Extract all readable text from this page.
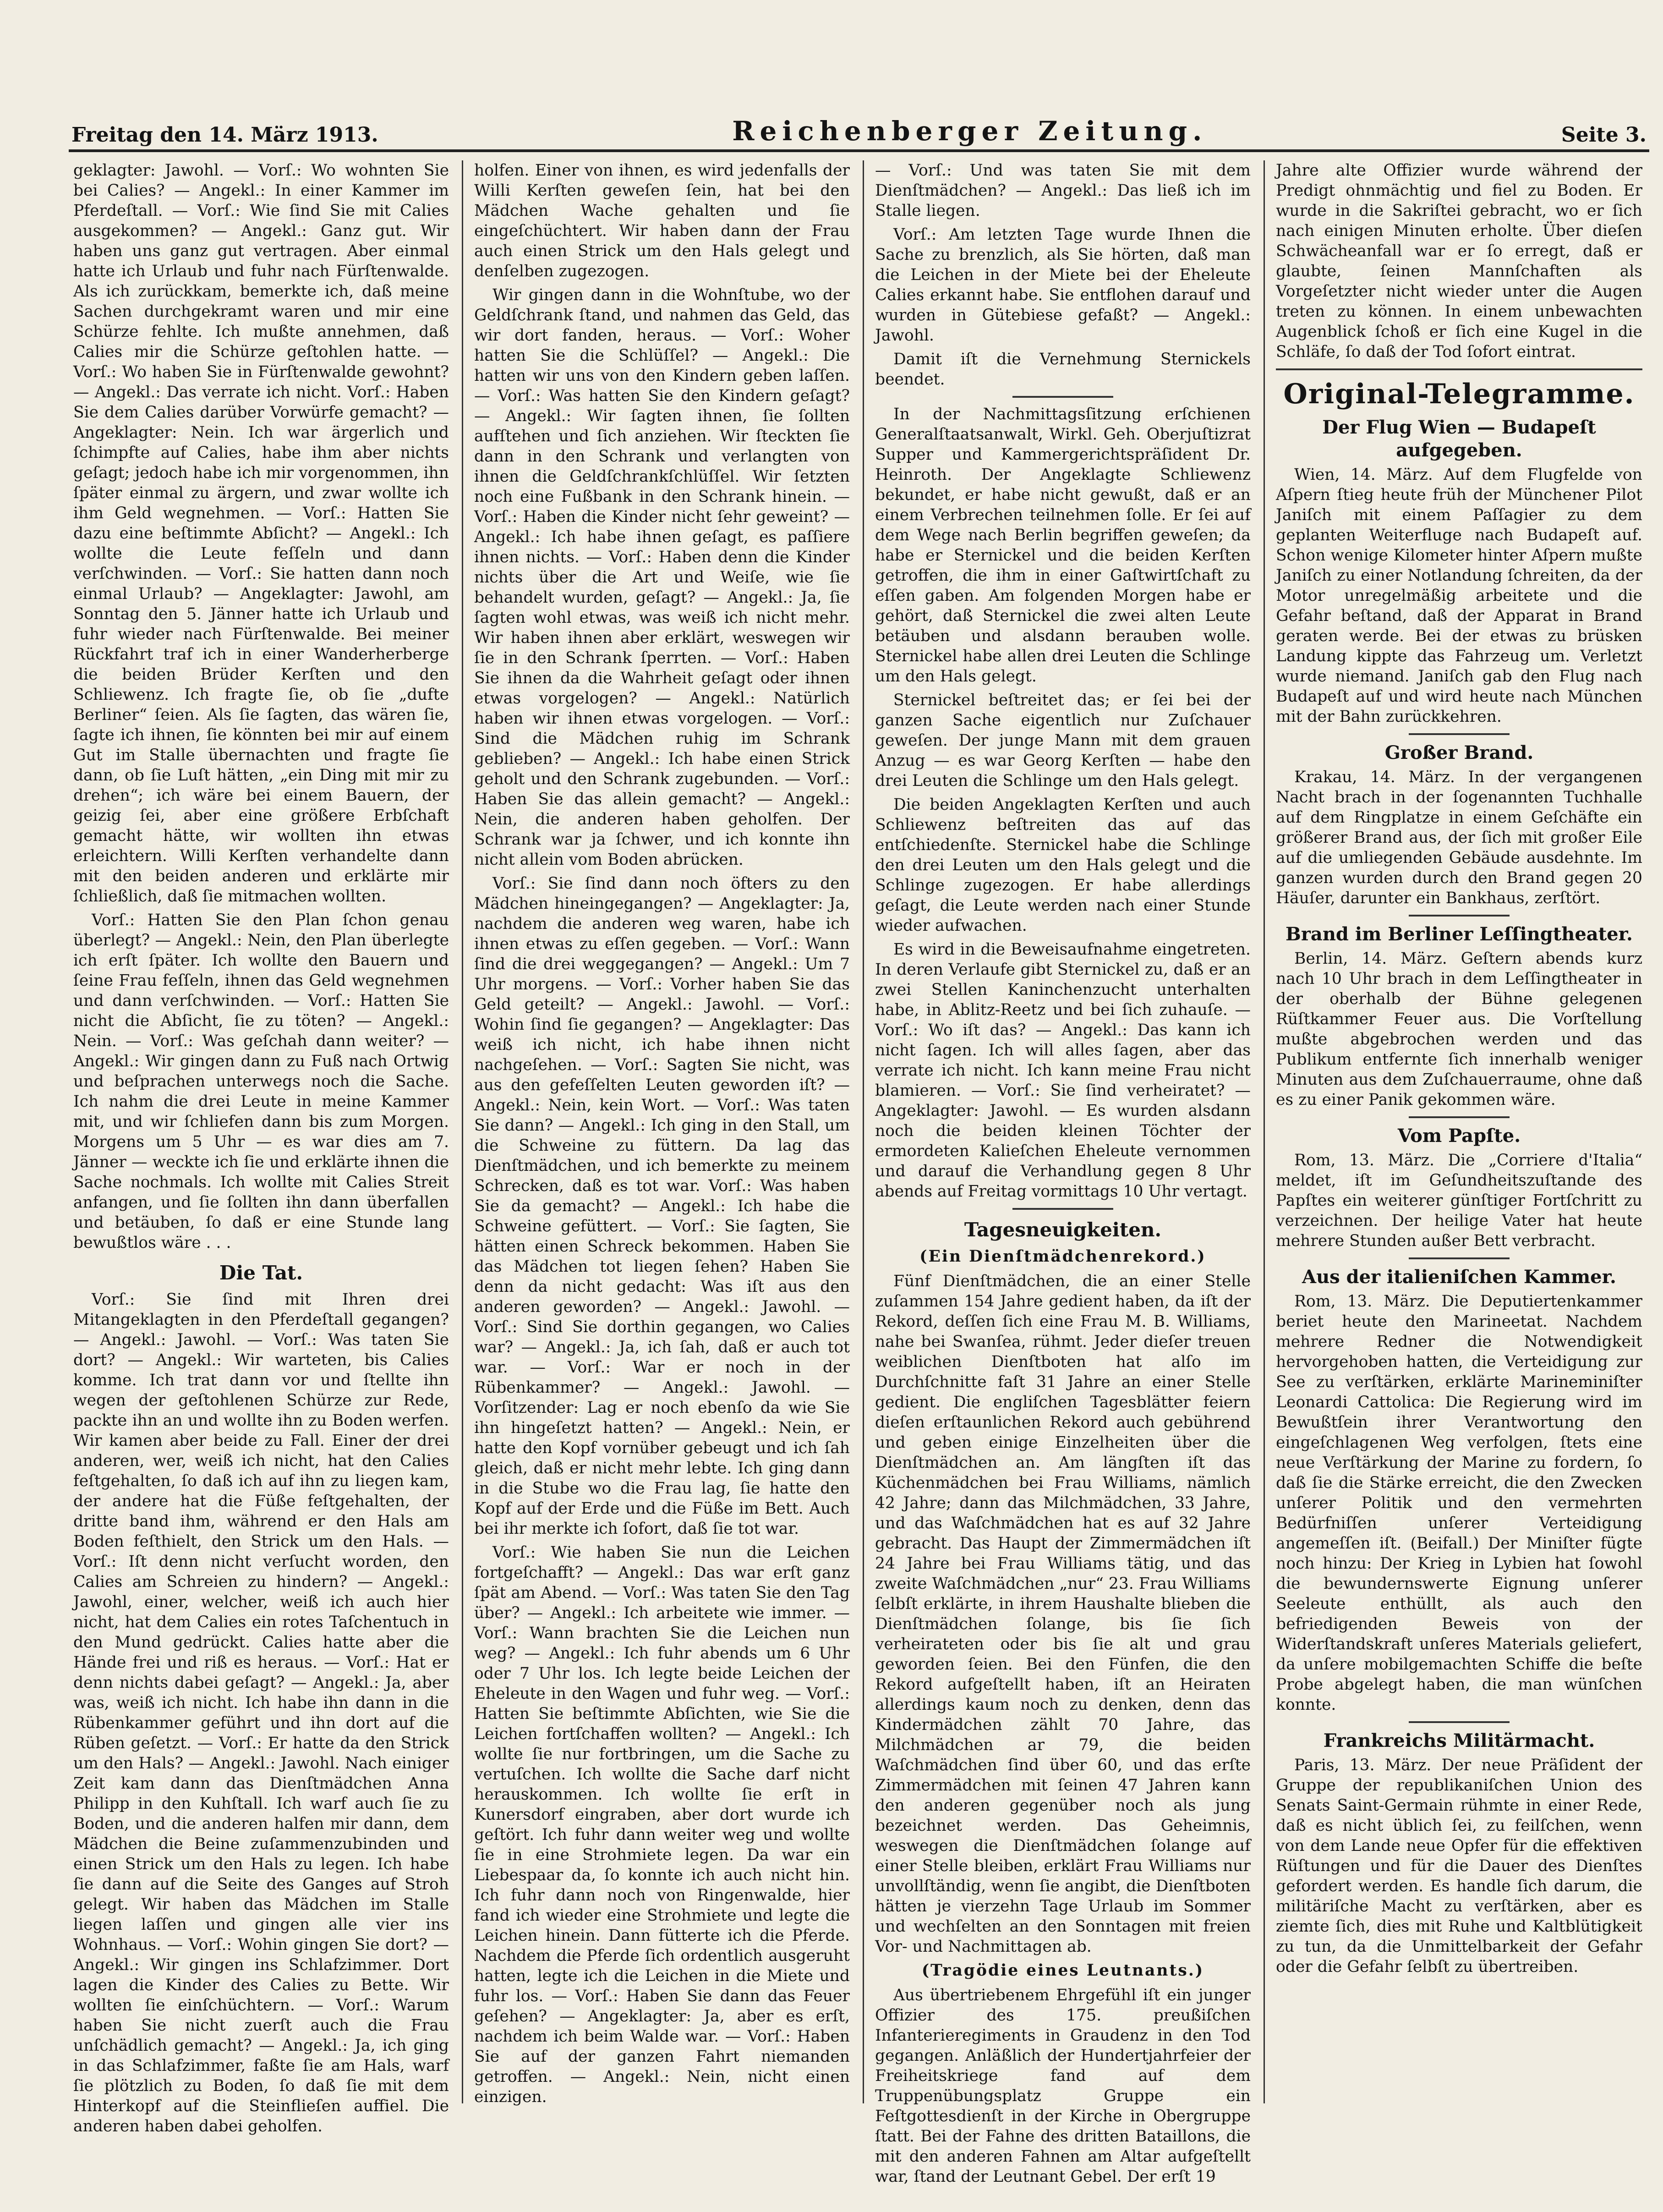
Freitag den 14. März 1913.	Reichenberger Zeitung.	Seite 3.

geklagter: Jawohl. — Vorſ.: Wo wohnten Sie bei Calies? — Angekl.: In einer Kammer im Pferdeſtall. — Vorſ.: Wie ſind Sie mit Calies ausgekommen? — Angekl.: Ganz gut. Wir haben uns ganz gut vertragen. Aber einmal hatte ich Urlaub und fuhr nach Fürſtenwalde. Als ich zurückkam, bemerkte ich, daß meine Sachen durchgekramt waren und mir eine Schürze fehlte. Ich mußte annehmen, daß Calies mir die Schürze geſtohlen hatte. — Vorſ.: Wo haben Sie in Fürſtenwalde gewohnt? — Angekl.: Das verrate ich nicht. Vorſ.: Haben Sie dem Calies darüber Vorwürfe gemacht? — Angeklagter: Nein. Ich war ärgerlich und ſchimpfte auf Calies, habe ihm aber nichts geſagt; jedoch habe ich mir vorgenommen, ihn ſpäter einmal zu ärgern, und zwar wollte ich ihm Geld wegnehmen. — Vorſ.: Hatten Sie dazu eine beſtimmte Abſicht? — Angekl.: Ich wollte die Leute feſſeln und dann verſchwinden. — Vorſ.: Sie hatten dann noch einmal Urlaub? — Angeklagter: Jawohl, am Sonntag den 5. Jänner hatte ich Urlaub und fuhr wieder nach Fürſtenwalde. Bei meiner Rückfahrt traf ich in einer Wanderherberge die beiden Brüder Kerſten und den Schliewenz. Ich fragte ſie, ob ſie „dufte Berliner“ ſeien. Als ſie ſagten, das wären ſie, ſagte ich ihnen, ſie könnten bei mir auf einem Gut im Stalle übernachten und fragte ſie dann, ob ſie Luſt hätten, „ein Ding mit mir zu drehen“; ich wäre bei einem Bauern, der geizig ſei, aber eine größere Erbſchaft gemacht hätte, wir wollten ihn etwas erleichtern. Willi Kerſten verhandelte dann mit den beiden anderen und erklärte mir ſchließlich, daß ſie mitmachen wollten.

Vorſ.: Hatten Sie den Plan ſchon genau überlegt? — Angekl.: Nein, den Plan überlegte ich erſt ſpäter. Ich wollte den Bauern und ſeine Frau feſſeln, ihnen das Geld wegnehmen und dann verſchwinden. — Vorſ.: Hatten Sie nicht die Abſicht, ſie zu töten? — Angekl.: Nein. — Vorſ.: Was geſchah dann weiter? — Angekl.: Wir gingen dann zu Fuß nach Ortwig und beſprachen unterwegs noch die Sache. Ich nahm die drei Leute in meine Kammer mit, und wir ſchliefen dann bis zum Morgen. Morgens um 5 Uhr — es war dies am 7. Jänner — weckte ich ſie und erklärte ihnen die Sache nochmals. Ich wollte mit Calies Streit anfangen, und ſie ſollten ihn dann überfallen und betäuben, ſo daß er eine Stunde lang bewußtlos wäre . . .

Die Tat.

Vorſ.: Sie ſind mit Ihren drei Mitangeklagten in den Pferdeſtall gegangen? — Angekl.: Jawohl. — Vorſ.: Was taten Sie dort? — Angekl.: Wir warteten, bis Calies komme. Ich trat dann vor und ſtellte ihn wegen der geſtohlenen Schürze zur Rede, packte ihn an und wollte ihn zu Boden werfen. Wir kamen aber beide zu Fall. Einer der drei anderen, wer, weiß ich nicht, hat den Calies feſtgehalten, ſo daß ich auf ihn zu liegen kam, der andere hat die Füße feſtgehalten, der dritte band ihm, während er den Hals am Boden feſthielt, den Strick um den Hals. — Vorſ.: Iſt denn nicht verſucht worden, den Calies am Schreien zu hindern? — Angekl.: Jawohl, einer, welcher, weiß ich auch hier nicht, hat dem Calies ein rotes Taſchentuch in den Mund gedrückt. Calies hatte aber die Hände frei und riß es heraus. — Vorſ.: Hat er denn nichts dabei geſagt? — Angekl.: Ja, aber was, weiß ich nicht. Ich habe ihn dann in die Rübenkammer geführt und ihn dort auf die Rüben geſetzt. — Vorſ.: Er hatte da den Strick um den Hals? — Angekl.: Jawohl. Nach einiger Zeit kam dann das Dienſtmädchen Anna Philipp in den Kuhſtall. Ich warf auch ſie zu Boden, und die anderen halfen mir dann, dem Mädchen die Beine zuſammenzubinden und einen Strick um den Hals zu legen. Ich habe ſie dann auf die Seite des Ganges auf Stroh gelegt. Wir haben das Mädchen im Stalle liegen laſſen und gingen alle vier ins Wohnhaus. — Vorſ.: Wohin gingen Sie dort? — Angekl.: Wir gingen ins Schlafzimmer. Dort lagen die Kinder des Calies zu Bette. Wir wollten ſie einſchüchtern. — Vorſ.: Warum haben Sie nicht zuerſt auch die Frau unſchädlich gemacht? — Angekl.: Ja, ich ging in das Schlafzimmer, faßte ſie am Hals, warf ſie plötzlich zu Boden, ſo daß ſie mit dem Hinterkopf auf die Steinflieſen auffiel. Die anderen haben dabei geholfen.

holfen. Einer von ihnen, es wird jedenfalls der Willi Kerſten geweſen ſein, hat bei den Mädchen Wache gehalten und ſie eingeſchüchtert. Wir haben dann der Frau auch einen Strick um den Hals gelegt und denſelben zugezogen.

Wir gingen dann in die Wohnſtube, wo der Geldſchrank ſtand, und nahmen das Geld, das wir dort fanden, heraus. — Vorſ.: Woher hatten Sie die Schlüſſel? — Angekl.: Die hatten wir uns von den Kindern geben laſſen. — Vorſ.: Was hatten Sie den Kindern geſagt? — Angekl.: Wir ſagten ihnen, ſie ſollten aufſtehen und ſich anziehen. Wir ſteckten ſie dann in den Schrank und verlangten von ihnen die Geldſchrankſchlüſſel. Wir ſetzten noch eine Fußbank in den Schrank hinein. — Vorſ.: Haben die Kinder nicht ſehr geweint? — Angekl.: Ich habe ihnen geſagt, es paſſiere ihnen nichts. — Vorſ.: Haben denn die Kinder nichts über die Art und Weiſe, wie ſie behandelt wurden, geſagt? — Angekl.: Ja, ſie ſagten wohl etwas, was weiß ich nicht mehr. Wir haben ihnen aber erklärt, weswegen wir ſie in den Schrank ſperrten. — Vorſ.: Haben Sie ihnen da die Wahrheit geſagt oder ihnen etwas vorgelogen? — Angekl.: Natürlich haben wir ihnen etwas vorgelogen. — Vorſ.: Sind die Mädchen ruhig im Schrank geblieben? — Angekl.: Ich habe einen Strick geholt und den Schrank zugebunden. — Vorſ.: Haben Sie das allein gemacht? — Angekl.: Nein, die anderen haben geholfen. Der Schrank war ja ſchwer, und ich konnte ihn nicht allein vom Boden abrücken.

Vorſ.: Sie ſind dann noch öfters zu den Mädchen hineingegangen? — Angeklagter: Ja, nachdem die anderen weg waren, habe ich ihnen etwas zu eſſen gegeben. — Vorſ.: Wann ſind die drei weggegangen? — Angekl.: Um 7 Uhr morgens. — Vorſ.: Vorher haben Sie das Geld geteilt? — Angekl.: Jawohl. — Vorſ.: Wohin ſind ſie gegangen? — Angeklagter: Das weiß ich nicht, ich habe ihnen nicht nachgeſehen. — Vorſ.: Sagten Sie nicht, was aus den gefeſſelten Leuten geworden iſt? — Angekl.: Nein, kein Wort. — Vorſ.: Was taten Sie dann? — Angekl.: Ich ging in den Stall, um die Schweine zu füttern. Da lag das Dienſtmädchen, und ich bemerkte zu meinem Schrecken, daß es tot war. Vorſ.: Was haben Sie da gemacht? — Angekl.: Ich habe die Schweine gefüttert. — Vorſ.: Sie ſagten, Sie hätten einen Schreck bekommen. Haben Sie das Mädchen tot liegen ſehen? Haben Sie denn da nicht gedacht: Was iſt aus den anderen geworden? — Angekl.: Jawohl. — Vorſ.: Sind Sie dorthin gegangen, wo Calies war? — Angekl.: Ja, ich ſah, daß er auch tot war. — Vorſ.: War er noch in der Rübenkammer? — Angekl.: Jawohl. — Vorſitzender: Lag er noch ebenſo da wie Sie ihn hingeſetzt hatten? — Angekl.: Nein, er hatte den Kopf vornüber gebeugt und ich ſah gleich, daß er nicht mehr lebte. Ich ging dann in die Stube wo die Frau lag, ſie hatte den Kopf auf der Erde und die Füße im Bett. Auch bei ihr merkte ich ſofort, daß ſie tot war.

Vorſ.: Wie haben Sie nun die Leichen fortgeſchafft? — Angekl.: Das war erſt ganz ſpät am Abend. — Vorſ.: Was taten Sie den Tag über? — Angekl.: Ich arbeitete wie immer. — Vorſ.: Wann brachten Sie die Leichen nun weg? — Angekl.: Ich fuhr abends um 6 Uhr oder 7 Uhr los. Ich legte beide Leichen der Eheleute in den Wagen und fuhr weg. — Vorſ.: Hatten Sie beſtimmte Abſichten, wie Sie die Leichen fortſchaffen wollten? — Angekl.: Ich wollte ſie nur fortbringen, um die Sache zu vertuſchen. Ich wollte die Sache darf nicht herauskommen. Ich wollte ſie erſt in Kunersdorf eingraben, aber dort wurde ich geſtört. Ich fuhr dann weiter weg und wollte ſie in eine Strohmiete legen. Da war ein Liebespaar da, ſo konnte ich auch nicht hin. Ich fuhr dann noch von Ringenwalde, hier fand ich wieder eine Strohmiete und legte die Leichen hinein. Dann fütterte ich die Pferde. Nachdem die Pferde ſich ordentlich ausgeruht hatten, legte ich die Leichen in die Miete und fuhr los. — Vorſ.: Haben Sie dann das Feuer geſehen? — Angeklagter: Ja, aber es erſt, nachdem ich beim Walde war. — Vorſ.: Haben Sie auf der ganzen Fahrt niemanden getroffen. — Angekl.: Nein, nicht einen einzigen.

— Vorſ.: Und was taten Sie mit dem Dienſtmädchen? — Angekl.: Das ließ ich im Stalle liegen.

Vorſ.: Am letzten Tage wurde Ihnen die Sache zu brenzlich, als Sie hörten, daß man die Leichen in der Miete bei der Eheleute Calies erkannt habe. Sie entflohen darauf und wurden in Gütebiese gefaßt? — Angekl.: Jawohl.

Damit iſt die Vernehmung Sternickels beendet.

In der Nachmittagsſitzung erſchienen Generalſtaatsanwalt, Wirkl. Geh. Oberjuſtizrat Supper und Kammergerichtspräſident Dr. Heinroth. Der Angeklagte Schliewenz bekundet, er habe nicht gewußt, daß er an einem Verbrechen teilnehmen ſolle. Er ſei auf dem Wege nach Berlin begriffen geweſen; da habe er Sternickel und die beiden Kerſten getroffen, die ihm in einer Gaſtwirtſchaft zu eſſen gaben. Am folgenden Morgen habe er gehört, daß Sternickel die zwei alten Leute betäuben und alsdann berauben wolle. Sternickel habe allen drei Leuten die Schlinge um den Hals gelegt.

Sternickel beſtreitet das; er ſei bei der ganzen Sache eigentlich nur Zuſchauer geweſen. Der junge Mann mit dem grauen Anzug — es war Georg Kerſten — habe den drei Leuten die Schlinge um den Hals gelegt.

Die beiden Angeklagten Kerſten und auch Schliewenz beſtreiten das auf das entſchiedenſte. Sternickel habe die Schlinge den drei Leuten um den Hals gelegt und die Schlinge zugezogen. Er habe allerdings geſagt, die Leute werden nach einer Stunde wieder aufwachen.

Es wird in die Beweisaufnahme eingetreten. In deren Verlaufe gibt Sternickel zu, daß er an zwei Stellen Kaninchenzucht unterhalten habe, in Ablitz-Reetz und bei ſich zuhauſe. — Vorſ.: Wo iſt das? — Angekl.: Das kann ich nicht ſagen. Ich will alles ſagen, aber das verrate ich nicht. Ich kann meine Frau nicht blamieren. — Vorſ.: Sie ſind verheiratet? — Angeklagter: Jawohl. — Es wurden alsdann noch die beiden kleinen Töchter der ermordeten Kalieſchen Eheleute vernommen und darauf die Verhandlung gegen 8 Uhr abends auf Freitag vormittags 10 Uhr vertagt.

Tagesneuigkeiten.

(Ein Dienſtmädchenrekord.)

Fünf Dienſtmädchen, die an einer Stelle zuſammen 154 Jahre gedient haben, da iſt der Rekord, deſſen ſich eine Frau M. B. Williams, nahe bei Swanſea, rühmt. Jeder dieſer treuen weiblichen Dienſtboten hat alſo im Durchſchnitte faſt 31 Jahre an einer Stelle gedient. Die engliſchen Tagesblätter feiern dieſen erſtaunlichen Rekord auch gebührend und geben einige Einzelheiten über die Dienſtmädchen an. Am längſten iſt das Küchenmädchen bei Frau Williams, nämlich 42 Jahre; dann das Milchmädchen, 33 Jahre, und das Waſchmädchen hat es auf 32 Jahre gebracht. Das Haupt der Zimmermädchen iſt 24 Jahre bei Frau Williams tätig, und das zweite Waſchmädchen „nur“ 23. Frau Williams ſelbſt erklärte, in ihrem Haushalte blieben die Dienſtmädchen ſolange, bis ſie ſich verheirateten oder bis ſie alt und grau geworden ſeien. Bei den Fünfen, die den Rekord aufgeſtellt haben, iſt an Heiraten allerdings kaum noch zu denken, denn das Kindermädchen zählt 70 Jahre, das Milchmädchen ar 79, die beiden Waſchmädchen ſind über 60, und das erſte Zimmermädchen mit ſeinen 47 Jahren kann den anderen gegenüber noch als jung bezeichnet werden. Das Geheimnis, weswegen die Dienſtmädchen ſolange auf einer Stelle bleiben, erklärt Frau Williams nur unvollſtändig, wenn ſie angibt, die Dienſtboten hätten je vierzehn Tage Urlaub im Sommer und wechſelten an den Sonntagen mit freien Vor- und Nachmittagen ab.

(Tragödie eines Leutnants.)

Aus übertriebenem Ehrgefühl iſt ein junger Offizier des 175. preußiſchen Infanterieregiments in Graudenz in den Tod gegangen. Anläßlich der Hundertjahrfeier der Freiheitskriege fand auf dem Truppenübungsplatz Gruppe ein Feſtgottesdienſt in der Kirche in Obergruppe ſtatt. Bei der Fahne des dritten Bataillons, die mit den anderen Fahnen am Altar aufgeſtellt war, ſtand der Leutnant Gebel. Der erſt 19

Jahre alte Offizier wurde während der Predigt ohnmächtig und fiel zu Boden. Er wurde in die Sakriſtei gebracht, wo er ſich nach einigen Minuten erholte. Über dieſen Schwächeanfall war er ſo erregt, daß er glaubte, ſeinen Mannſchaften als Vorgeſetzter nicht wieder unter die Augen treten zu können. In einem unbewachten Augenblick ſchoß er ſich eine Kugel in die Schläfe, ſo daß der Tod ſofort eintrat.

Original-Telegramme.
Der Flug Wien — Budapeſt aufgegeben.

Wien, 14. März. Auf dem Flugfelde von Aſpern ſtieg heute früh der Münchener Pilot Janiſch mit einem Paſſagier zu dem geplanten Weiterfluge nach Budapeſt auf. Schon wenige Kilometer hinter Aſpern mußte Janiſch zu einer Notlandung ſchreiten, da der Motor unregelmäßig arbeitete und die Gefahr beſtand, daß der Apparat in Brand geraten werde. Bei der etwas zu brüsken Landung kippte das Fahrzeug um. Verletzt wurde niemand. Janiſch gab den Flug nach Budapeſt auf und wird heute nach München mit der Bahn zurückkehren.

Großer Brand.

Krakau, 14. März. In der vergangenen Nacht brach in der ſogenannten Tuchhalle auf dem Ringplatze in einem Geſchäfte ein größerer Brand aus, der ſich mit großer Eile auf die umliegenden Gebäude ausdehnte. Im ganzen wurden durch den Brand gegen 20 Häuſer, darunter ein Bankhaus, zerſtört.

Brand im Berliner Leſſingtheater.

Berlin, 14. März. Geſtern abends kurz nach 10 Uhr brach in dem Leſſingtheater in der oberhalb der Bühne gelegenen Rüſtkammer Feuer aus. Die Vorſtellung mußte abgebrochen werden und das Publikum entfernte ſich innerhalb weniger Minuten aus dem Zuſchauerraume, ohne daß es zu einer Panik gekommen wäre.

Vom Papſte.

Rom, 13. März. Die „Corriere d'Italia“ meldet, iſt im Geſundheitszuſtande des Papſtes ein weiterer günſtiger Fortſchritt zu verzeichnen. Der heilige Vater hat heute mehrere Stunden außer Bett verbracht.

Aus der italieniſchen Kammer.

Rom, 13. März. Die Deputiertenkammer beriet heute den Marineetat. Nachdem mehrere Redner die Notwendigkeit hervorgehoben hatten, die Verteidigung zur See zu verſtärken, erklärte Marineminiſter Leonardi Cattolica: Die Regierung wird im Bewußtſein ihrer Verantwortung den eingeſchlagenen Weg verfolgen, ſtets eine neue Verſtärkung der Marine zu fordern, ſo daß ſie die Stärke erreicht, die den Zwecken unſerer Politik und den vermehrten Bedürfniſſen unſerer Verteidigung angemeſſen iſt. (Beifall.) Der Miniſter fügte noch hinzu: Der Krieg in Lybien hat ſowohl die bewundernswerte Eignung unſerer Seeleute enthüllt, als auch den befriedigenden Beweis von der Widerſtandskraft unſeres Materials geliefert, da unſere mobilgemachten Schiffe die beſte Probe abgelegt haben, die man wünſchen konnte.

Frankreichs Militärmacht.

Paris, 13. März. Der neue Präſident der Gruppe der republikaniſchen Union des Senats Saint-Germain rühmte in einer Rede, daß es nicht üblich ſei, zu feilſchen, wenn von dem Lande neue Opfer für die effektiven Rüſtungen und für die Dauer des Dienſtes gefordert werden. Es handle ſich darum, die militäriſche Macht zu verſtärken, aber es ziemte ſich, dies mit Ruhe und Kaltblütigkeit zu tun, da die Unmittelbarkeit der Gefahr oder die Gefahr ſelbſt zu übertreiben.
